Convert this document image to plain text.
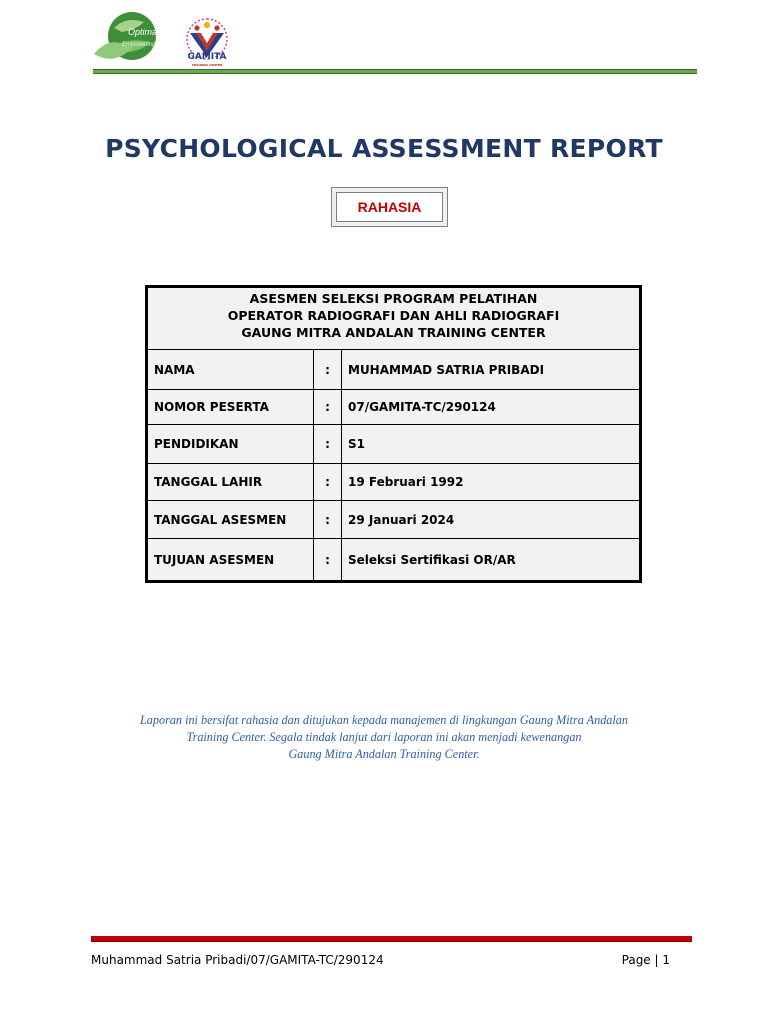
Optima
Empowering
GAMITA
TRAINING CENTER
PSYCHOLOGICAL ASSESSMENT REPORT
RAHASIA
ASESMEN SELEKSI PROGRAM PELATIHAN
OPERATOR RADIOGRAFI DAN AHLI RADIOGRAFI
GAUNG MITRA ANDALAN TRAINING CENTER
NAMA	:	MUHAMMAD SATRIA PRIBADI
NOMOR PESERTA	:	07/GAMITA-TC/290124
PENDIDIKAN	:	S1
TANGGAL LAHIR	:	19 Februari 1992
TANGGAL ASESMEN	:	29 Januari 2024
TUJUAN ASESMEN	:	Seleksi Sertifikasi OR/AR
Laporan ini bersifat rahasia dan ditujukan kepada manajemen di lingkungan Gaung Mitra Andalan
Training Center. Segala tindak lanjut dari laporan ini akan menjadi kewenangan
Gaung Mitra Andalan Training Center.
Muhammad Satria Pribadi/07/GAMITA-TC/290124	Page | 1
